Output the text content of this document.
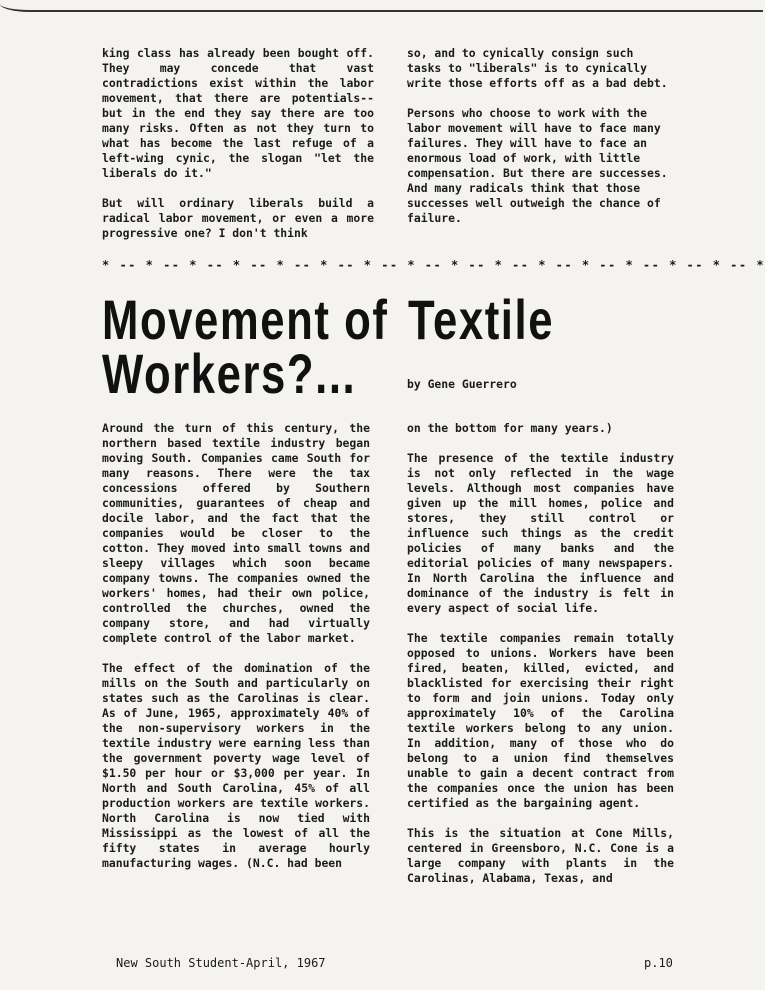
king class has already been bought off. They may concede that vast contradictions exist within the labor movement, that there are potentials--but in the end they say there are too many risks. Often as not they turn to what has become the last refuge of a left-wing cynic, the slogan "let the liberals do it."

But will ordinary liberals build a radical labor movement, or even a more progressive one? I don't think

so, and to cynically consign such tasks to "liberals" is to cynically write those efforts off as a bad debt.

Persons who choose to work with the labor movement will have to face many failures. They will have to face an enormous load of work, with little compensation. But there are successes. And many radicals think that those successes well outweigh the chance of failure.

* -- * -- * -- * -- * -- * -- * -- * -- * -- * -- * -- * -- * -- * -- * -- *
Movement of Textile
Workers?...	by Gene Guerrero

Around the turn of this century, the northern based textile industry began moving South. Companies came South for many reasons. There were the tax concessions offered by Southern communities, guarantees of cheap and docile labor, and the fact that the companies would be closer to the cotton. They moved into small towns and sleepy villages which soon became company towns. The companies owned the workers' homes, had their own police, controlled the churches, owned the company store, and had virtually complete control of the labor market.

The effect of the domination of the mills on the South and particularly on states such as the Carolinas is clear. As of June, 1965, approximately 40% of the non-supervisory workers in the textile industry were earning less than the government poverty wage level of $1.50 per hour or $3,000 per year. In North and South Carolina, 45% of all production workers are textile workers. North Carolina is now tied with Mississippi as the lowest of all the fifty states in average hourly manufacturing wages. (N.C. had been

on the bottom for many years.)

The presence of the textile industry is not only reflected in the wage levels. Although most companies have given up the mill homes, police and stores, they still control or influence such things as the credit policies of many banks and the editorial policies of many newspapers. In North Carolina the influence and dominance of the industry is felt in every aspect of social life.

The textile companies remain totally opposed to unions. Workers have been fired, beaten, killed, evicted, and blacklisted for exercising their right to form and join unions. Today only approximately 10% of the Carolina textile workers belong to any union. In addition, many of those who do belong to a union find themselves unable to gain a decent contract from the companies once the union has been certified as the bargaining agent.

This is the situation at Cone Mills, centered in Greensboro, N.C. Cone is a large company with plants in the Carolinas, Alabama, Texas, and

New South Student-April, 1967	p.10
